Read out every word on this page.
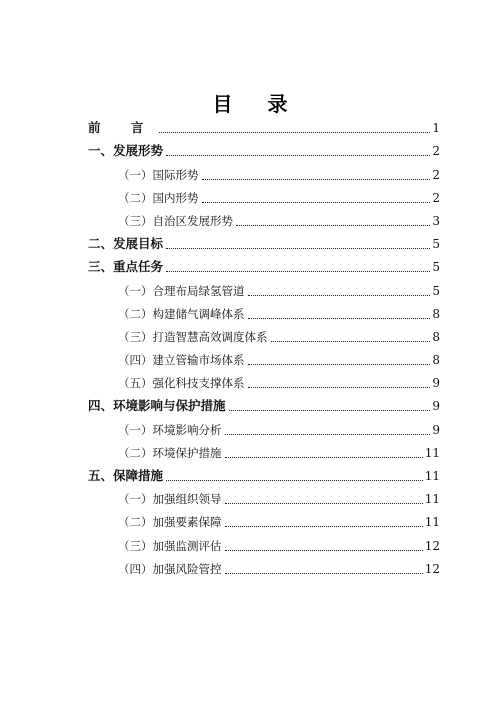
目 录
前 言	1
一、发展形势	2
（一）国际形势	2
（二）国内形势	2
（三）自治区发展形势	3
二、发展目标	5
三、重点任务	5
（一）合理布局绿氢管道	5
（二）构建储气调峰体系	8
（三）打造智慧高效调度体系	8
（四）建立管输市场体系	8
（五）强化科技支撑体系	9
四、环境影响与保护措施	9
（一）环境影响分析	9
（二）环境保护措施	11
五、保障措施	11
（一）加强组织领导	11
（二）加强要素保障	11
（三）加强监测评估	12
（四）加强风险管控	12
